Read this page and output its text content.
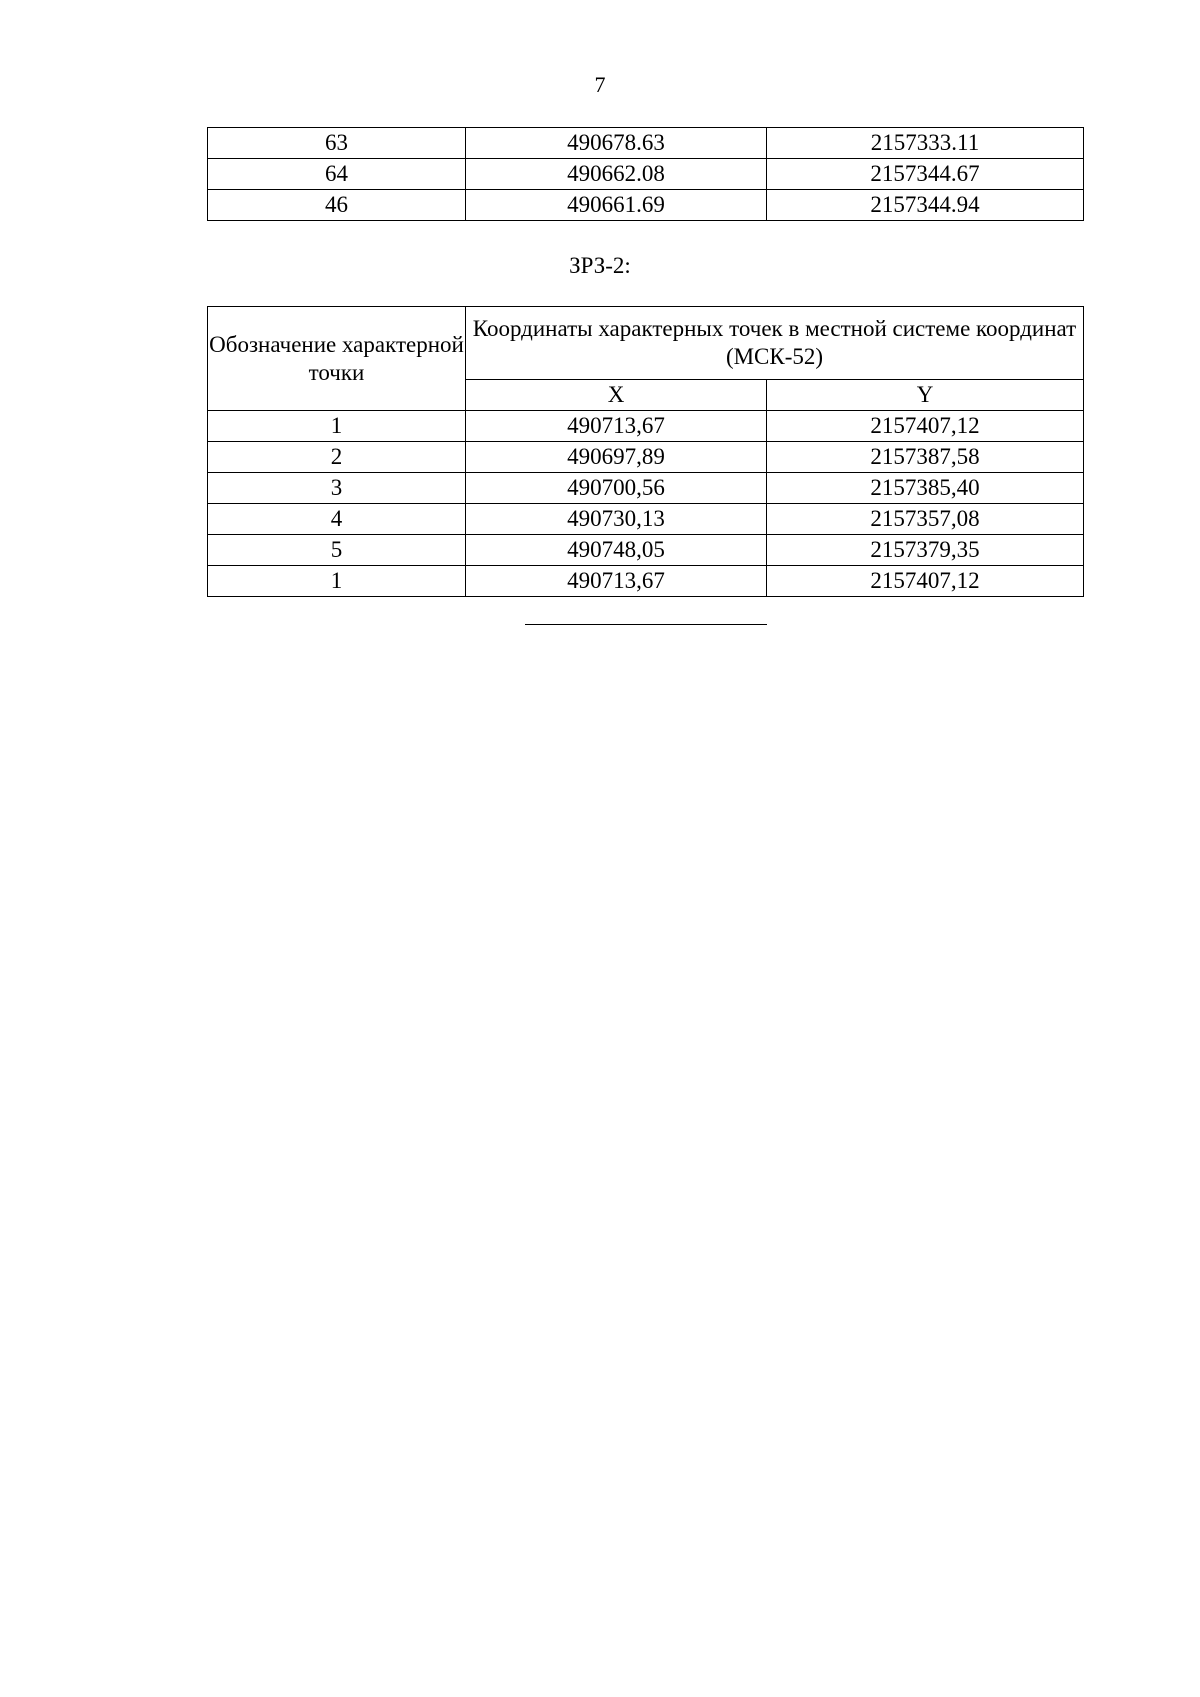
7
63	490678.63	2157333.11
64	490662.08	2157344.67
46	490661.69	2157344.94
ЗРЗ-2:
Обозначение характерной точки	Координаты характерных точек в местной системе координат (МСК-52)	
	X	Y
1	490713,67	2157407,12
2	490697,89	2157387,58
3	490700,56	2157385,40
4	490730,13	2157357,08
5	490748,05	2157379,35
1	490713,67	2157407,12
